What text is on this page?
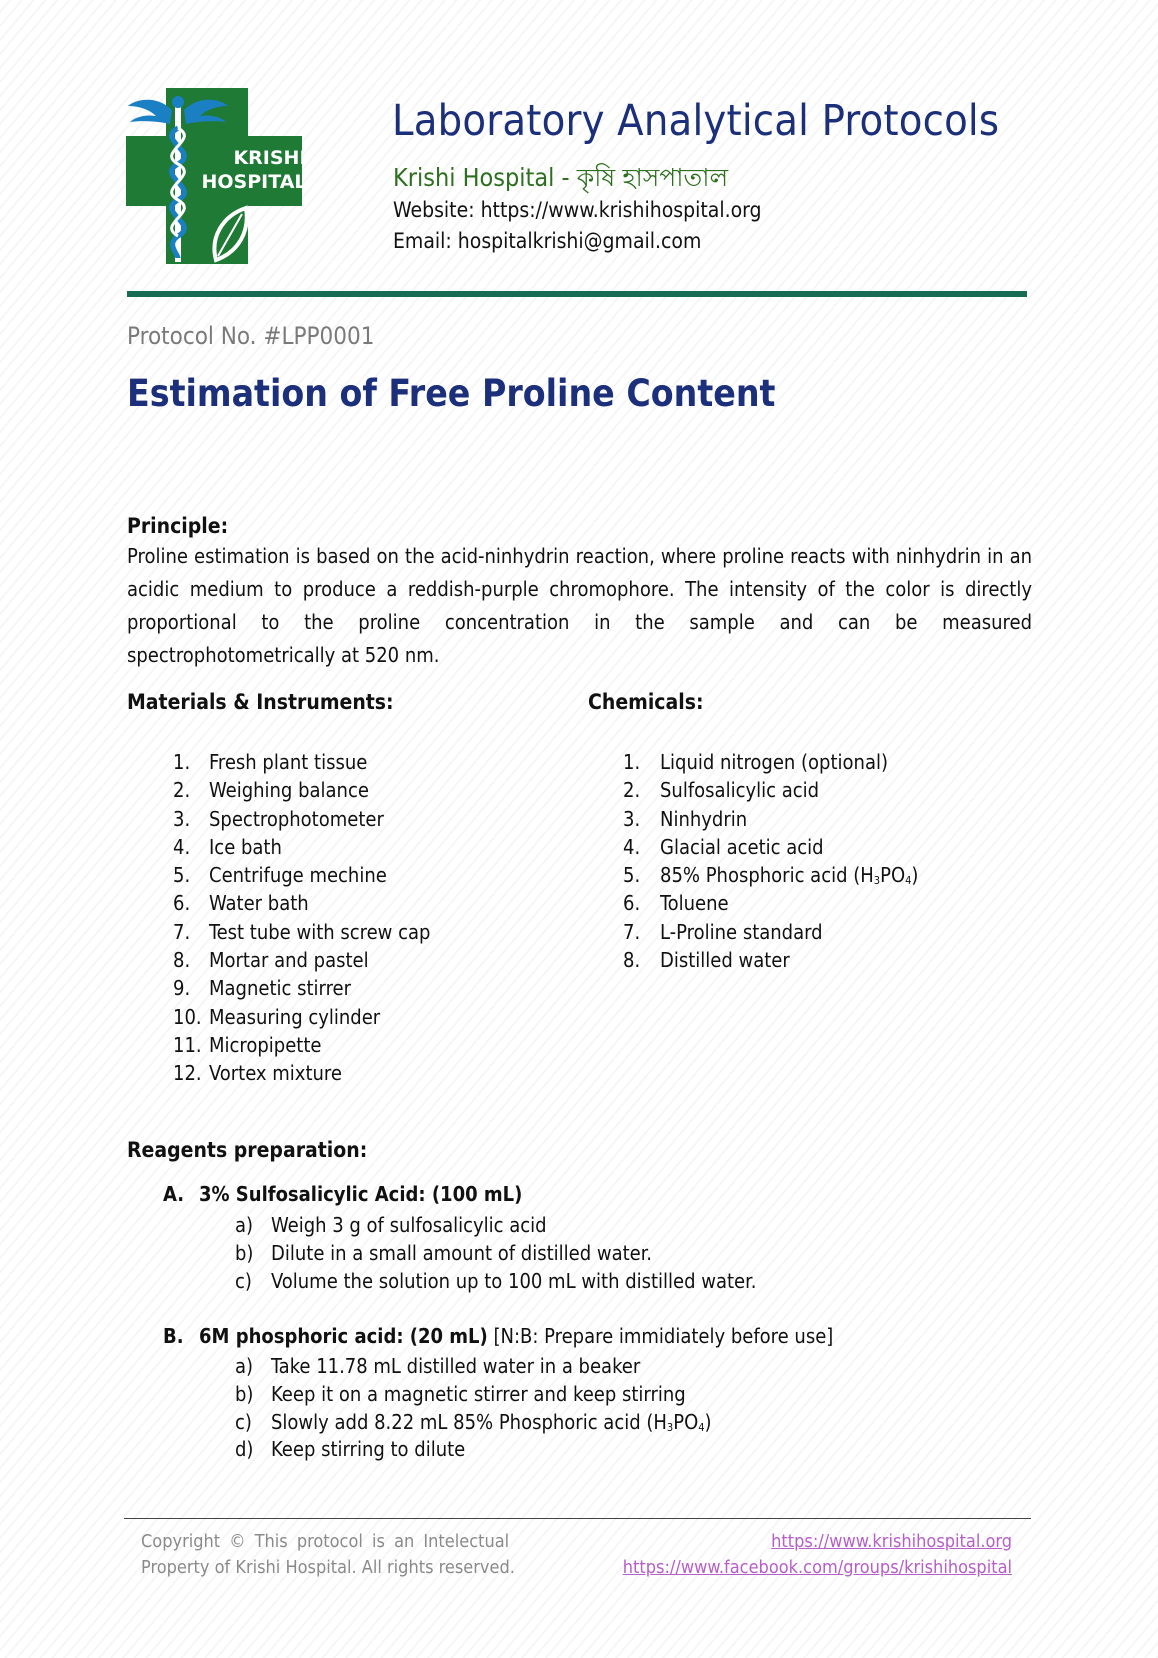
KRISHI
HOSPITAL
Laboratory Analytical Protocols
Krishi Hospital - কৃষি হাসপাতাল
Website: https://www.krishihospital.org
Email: hospitalkrishi@gmail.com
Protocol No. #LPP0001
Estimation of Free Proline Content
Principle:
Proline estimation is based on the acid-ninhydrin reaction, where proline reacts with ninhydrin in an acidic medium to produce a reddish-purple chromophore. The intensity of the color is directly proportional to the proline concentration in the sample and can be measured spectrophotometrically at 520 nm.
Materials & Instruments:
1. Fresh plant tissue
2. Weighing balance
3. Spectrophotometer
4. Ice bath
5. Centrifuge mechine
6. Water bath
7. Test tube with screw cap
8. Mortar and pastel
9. Magnetic stirrer
10. Measuring cylinder
11. Micropipette
12. Vortex mixture
Chemicals:
1. Liquid nitrogen (optional)
2. Sulfosalicylic acid
3. Ninhydrin
4. Glacial acetic acid
5. 85% Phosphoric acid $(H_3PO_4)$
6. Toluene
7. L-Proline standard
8. Distilled water
Reagents preparation:
A. 3% Sulfosalicylic Acid: (100 mL)
a) Weigh 3 g of sulfosalicylic acid
b) Dilute in a small amount of distilled water.
c) Volume the solution up to 100 mL with distilled water.
B. 6M phosphoric acid: (20 mL) [N:B: Prepare immidiately before use]
a) Take 11.78 mL distilled water in a beaker
b) Keep it on a magnetic stirrer and keep stirring
c) Slowly add 8.22 mL 85% Phosphoric acid $(H_3PO_4)$
d) Keep stirring to dilute
Copyright © This protocol is an Intelectual
Property of Krishi Hospital. All rights reserved.
https://www.krishihospital.org
https://www.facebook.com/groups/krishihospital
